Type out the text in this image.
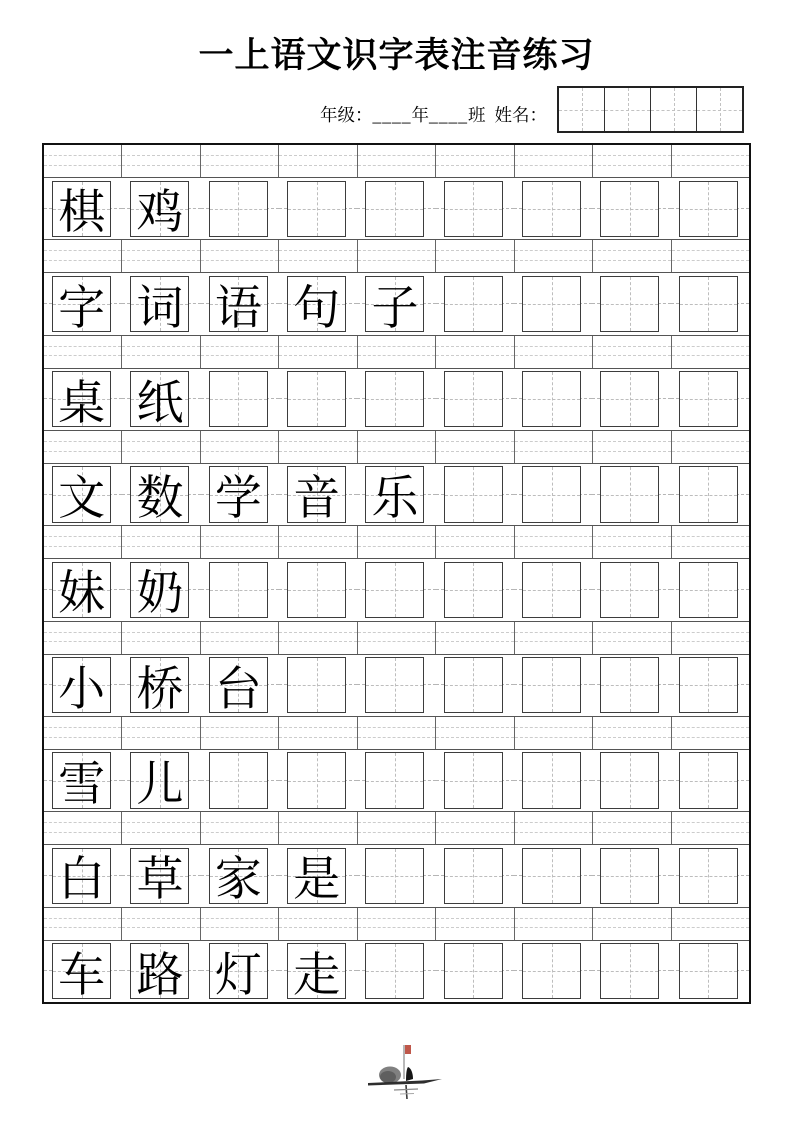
一上语文识字表注音练习
年级：____年____班 姓名：
棋 鸡
字 词 语 句 子
桌 纸
文 数 学 音 乐
妹 奶
小 桥 台
雪 儿
白 草 家 是
车 路 灯 走
